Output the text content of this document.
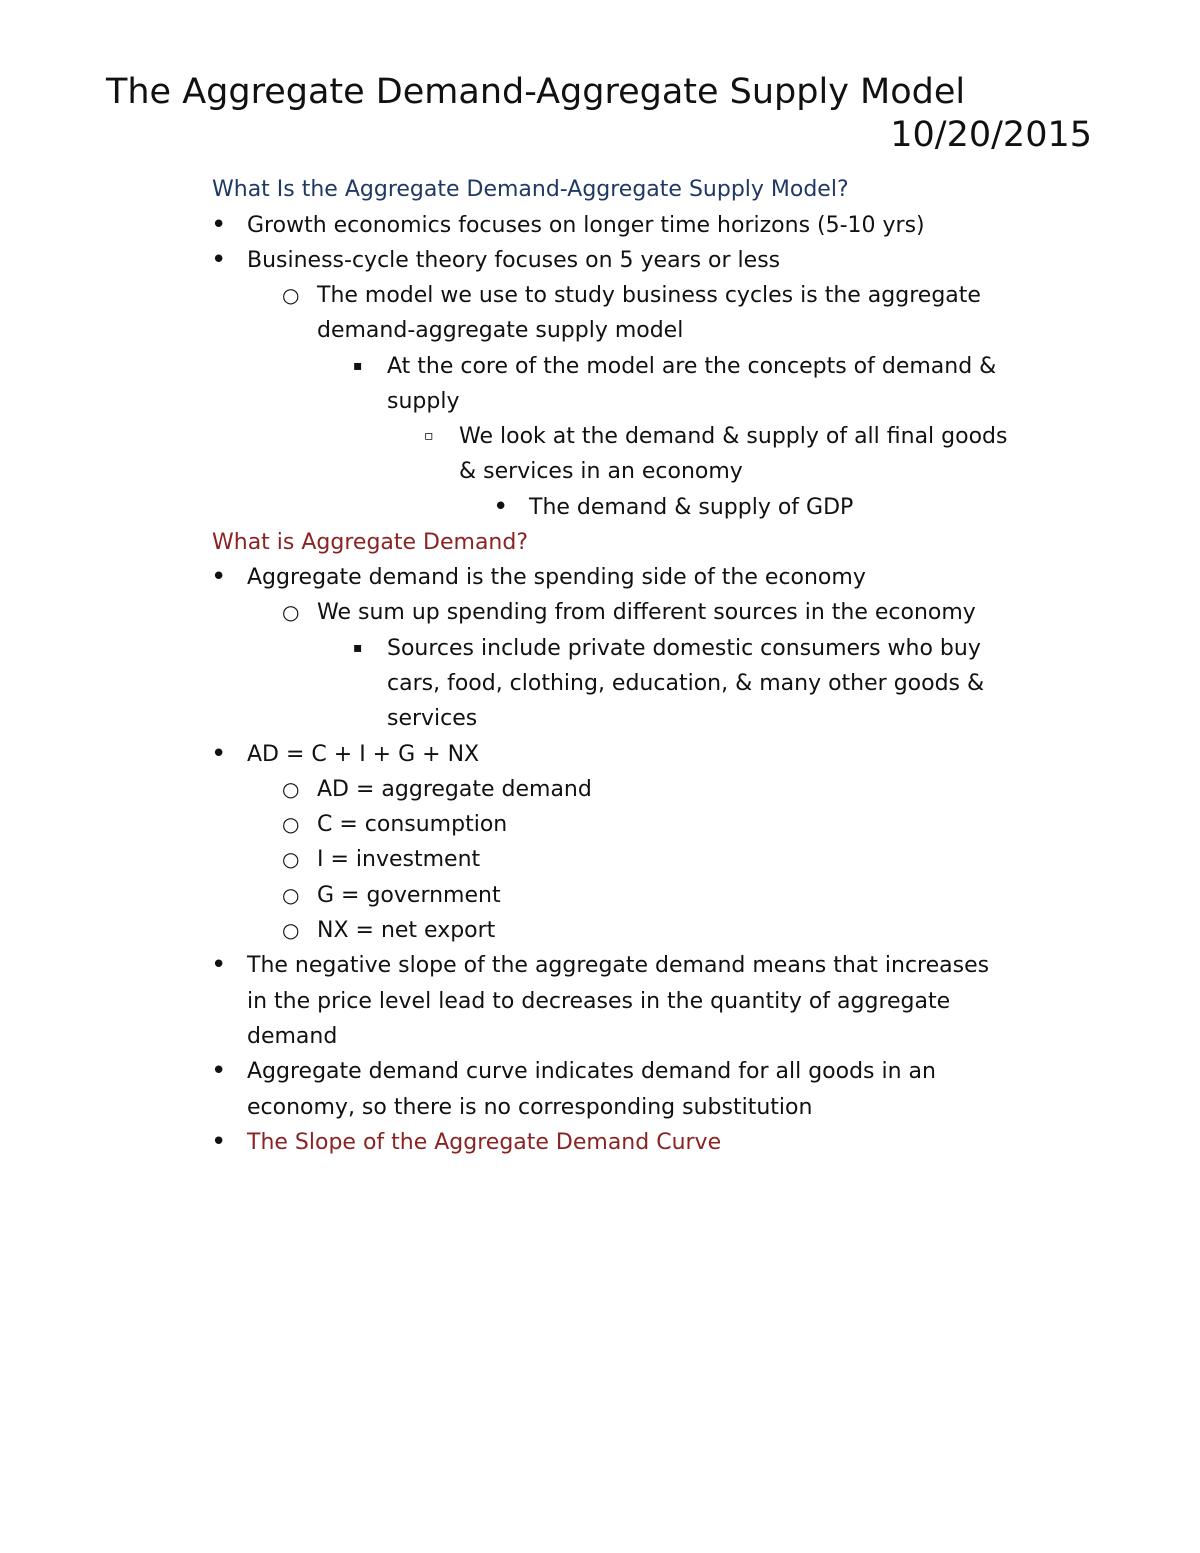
The Aggregate Demand-Aggregate Supply Model
10/20/2015
What Is the Aggregate Demand-Aggregate Supply Model?
• Growth economics focuses on longer time horizons (5-10 yrs)
• Business-cycle theory focuses on 5 years or less
○ The model we use to study business cycles is the aggregate
demand-aggregate supply model
▪ At the core of the model are the concepts of demand &
supply
▫ We look at the demand & supply of all final goods
& services in an economy
• The demand & supply of GDP
What is Aggregate Demand?
• Aggregate demand is the spending side of the economy
○ We sum up spending from different sources in the economy
▪ Sources include private domestic consumers who buy
cars, food, clothing, education, & many other goods &
services
• AD = C + I + G + NX
○ AD = aggregate demand
○ C = consumption
○ I = investment
○ G = government
○ NX = net export
• The negative slope of the aggregate demand means that increases
in the price level lead to decreases in the quantity of aggregate
demand
• Aggregate demand curve indicates demand for all goods in an
economy, so there is no corresponding substitution
• The Slope of the Aggregate Demand Curve
